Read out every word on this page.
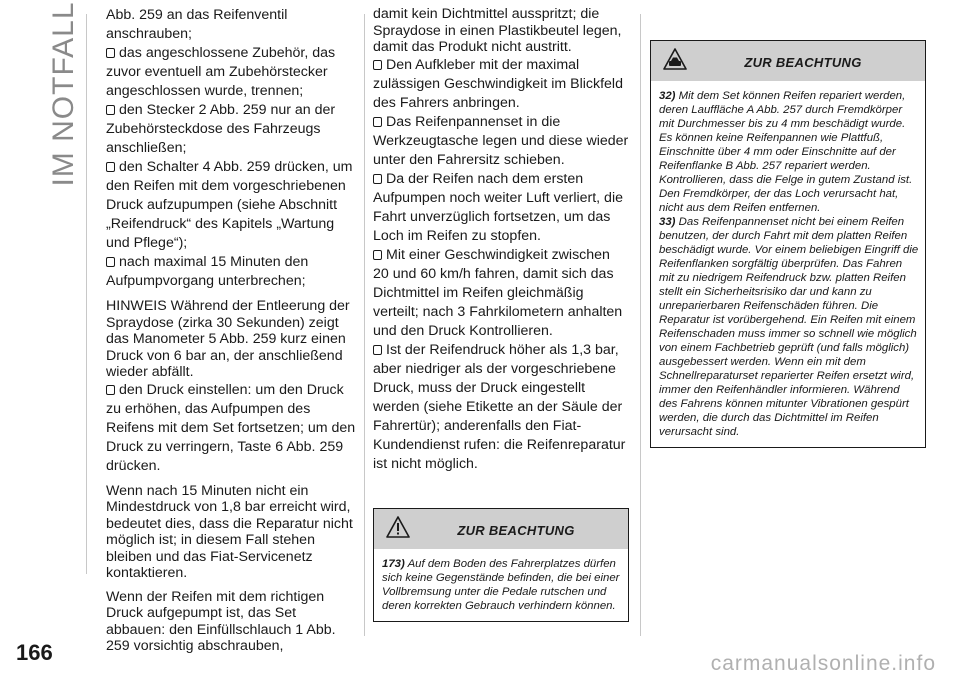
IM NOTFALL Abb. 259 an das Reifenventil anschrauben;

das angeschlossene Zubehör, das zuvor eventuell am Zubehörstecker angeschlossen wurde, trennen;

den Stecker 2 Abb. 259 nur an der Zubehörsteckdose des Fahrzeugs anschließen;

den Schalter 4 Abb. 259 drücken, um den Reifen mit dem vorgeschriebenen Druck aufzupumpen (siehe Abschnitt „Reifendruck“ des Kapitels „Wartung und Pflege“);

nach maximal 15 Minuten den Aufpumpvorgang unterbrechen;

HINWEIS Während der Entleerung der Spraydose (zirka 30 Sekunden) zeigt das Manometer 5 Abb. 259 kurz einen Druck von 6 bar an, der anschließend wieder abfällt.

den Druck einstellen: um den Druck zu erhöhen, das Aufpumpen des Reifens mit dem Set fortsetzen; um den Druck zu verringern, Taste 6 Abb. 259 drücken.

Wenn nach 15 Minuten nicht ein Mindestdruck von 1,8 bar erreicht wird, bedeutet dies, dass die Reparatur nicht möglich ist; in diesem Fall stehen bleiben und das Fiat-Servicenetz kontaktieren.

Wenn der Reifen mit dem richtigen Druck aufgepumpt ist, das Set abbauen: den Einfüllschlauch 1 Abb. 259 vorsichtig abschrauben,

damit kein Dichtmittel ausspritzt; die Spraydose in einen Plastikbeutel legen, damit das Produkt nicht austritt.

Den Aufkleber mit der maximal zulässigen Geschwindigkeit im Blickfeld des Fahrers anbringen.

Das Reifenpannenset in die Werkzeugtasche legen und diese wieder unter den Fahrersitz schieben.

Da der Reifen nach dem ersten Aufpumpen noch weiter Luft verliert, die Fahrt unverzüglich fortsetzen, um das Loch im Reifen zu stopfen.

Mit einer Geschwindigkeit zwischen 20 und 60 km/h fahren, damit sich das Dichtmittel im Reifen gleichmäßig verteilt; nach 3 Fahrkilometern anhalten und den Druck Kontrollieren.

Ist der Reifendruck höher als 1,3 bar, aber niedriger als der vorgeschriebene Druck, muss der Druck eingestellt werden (siehe Etikette an der Säule der Fahrertür); anderenfalls den Fiat-Kundendienst rufen: die Reifenreparatur ist nicht möglich.

ZUR BEACHTUNG
173) Auf dem Boden des Fahrerplatzes dürfen sich keine Gegenstände befinden, die bei einer Vollbremsung unter die Pedale rutschen und deren korrekten Gebrauch verhindern können.
ZUR BEACHTUNG

32) Mit dem Set können Reifen repariert werden, deren Lauffläche A Abb. 257 durch Fremdkörper mit Durchmesser bis zu 4 mm beschädigt wurde. Es können keine Reifenpannen wie Plattfuß, Einschnitte über 4 mm oder Einschnitte auf der Reifenflanke B Abb. 257 repariert werden. Kontrollieren, dass die Felge in gutem Zustand ist. Den Fremdkörper, der das Loch verursacht hat, nicht aus dem Reifen entfernen.

33) Das Reifenpannenset nicht bei einem Reifen benutzen, der durch Fahrt mit dem platten Reifen beschädigt wurde. Vor einem beliebigen Eingriff die Reifenflanken sorgfältig überprüfen. Das Fahren mit zu niedrigem Reifendruck bzw. platten Reifen stellt ein Sicherheitsrisiko dar und kann zu unreparierbaren Reifenschäden führen. Die Reparatur ist vorübergehend. Ein Reifen mit einem Reifenschaden muss immer so schnell wie möglich von einem Fachbetrieb geprüft (und falls möglich) ausgebessert werden. Wenn ein mit dem Schnellreparaturset reparierter Reifen ersetzt wird, immer den Reifenhändler informieren. Während des Fahrens können mitunter Vibrationen gespürt werden, die durch das Dichtmittel im Reifen verursacht sind.

166	carmanualsonline.info
